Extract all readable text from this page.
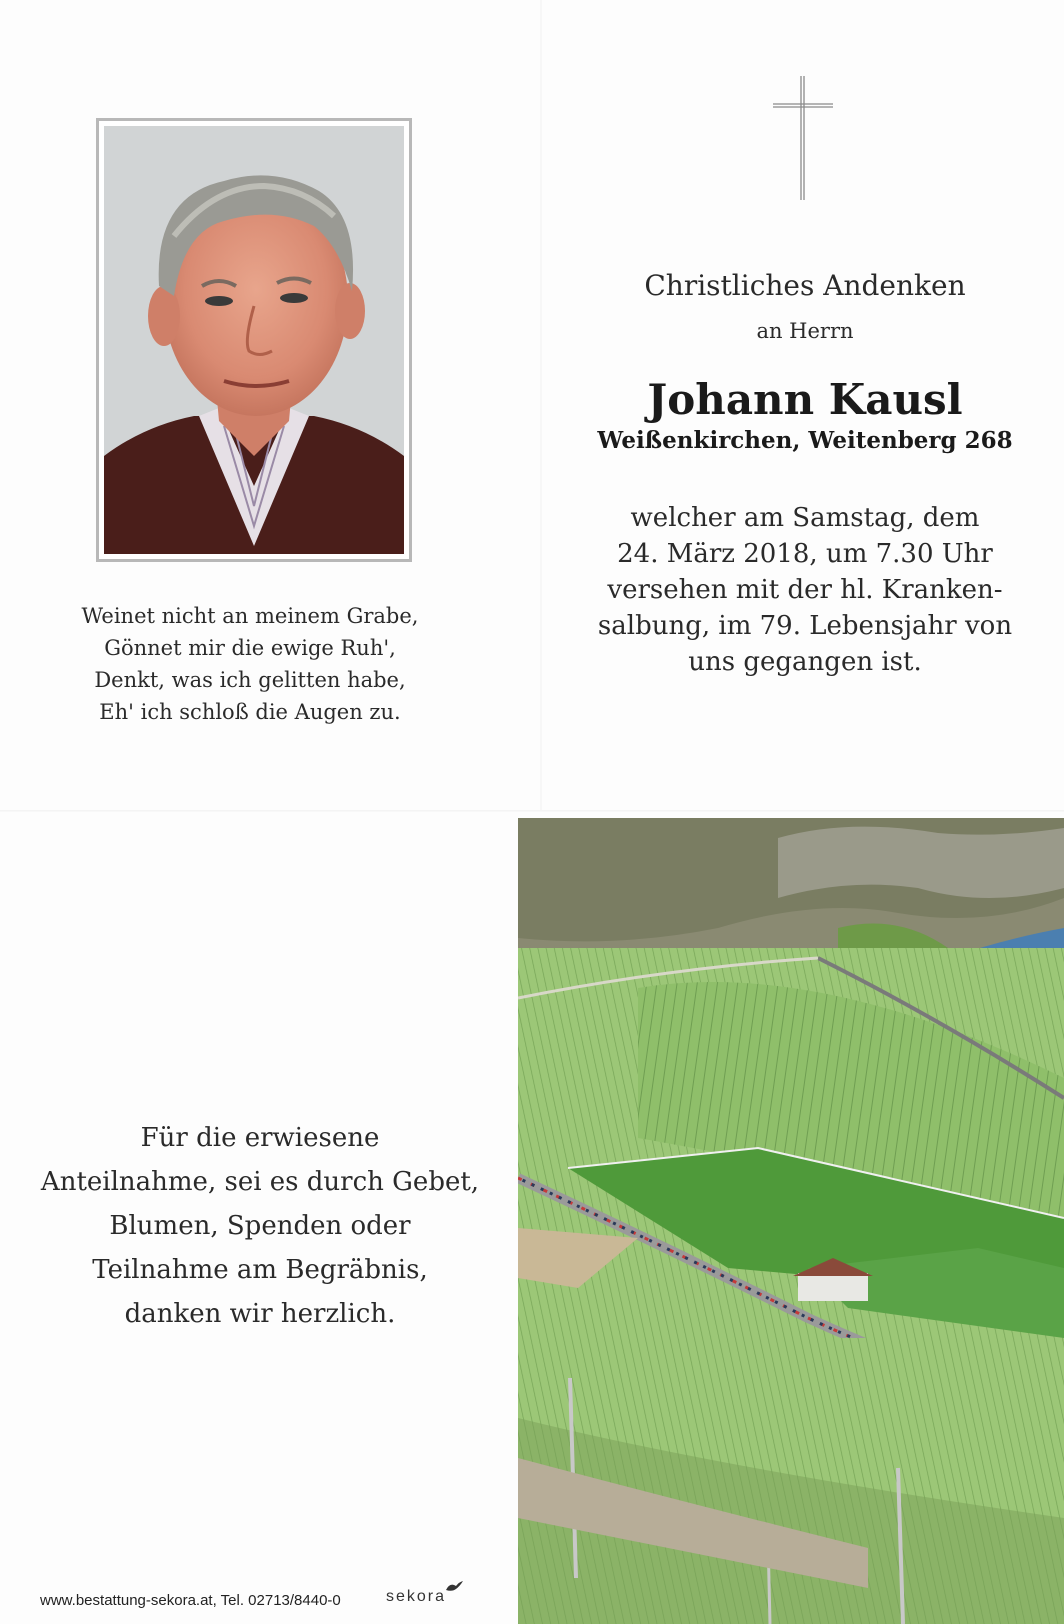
Weinet nicht an meinem Grabe,
Gönnet mir die ewige Ruh',
Denkt, was ich gelitten habe,
Eh' ich schloß die Augen zu.
Christliches Andenken
an Herrn
Johann Kausl
Weißenkirchen, Weitenberg 268
welcher am Samstag, dem
24. März 2018, um 7.30 Uhr
versehen mit der hl. Kranken-
salbung, im 79. Lebensjahr von
uns gegangen ist.
Für die erwiesene
Anteilnahme, sei es durch Gebet,
Blumen, Spenden oder
Teilnahme am Begräbnis,
danken wir herzlich.
www.bestattung-sekora.at, Tel. 02713/8440-0	sekora
